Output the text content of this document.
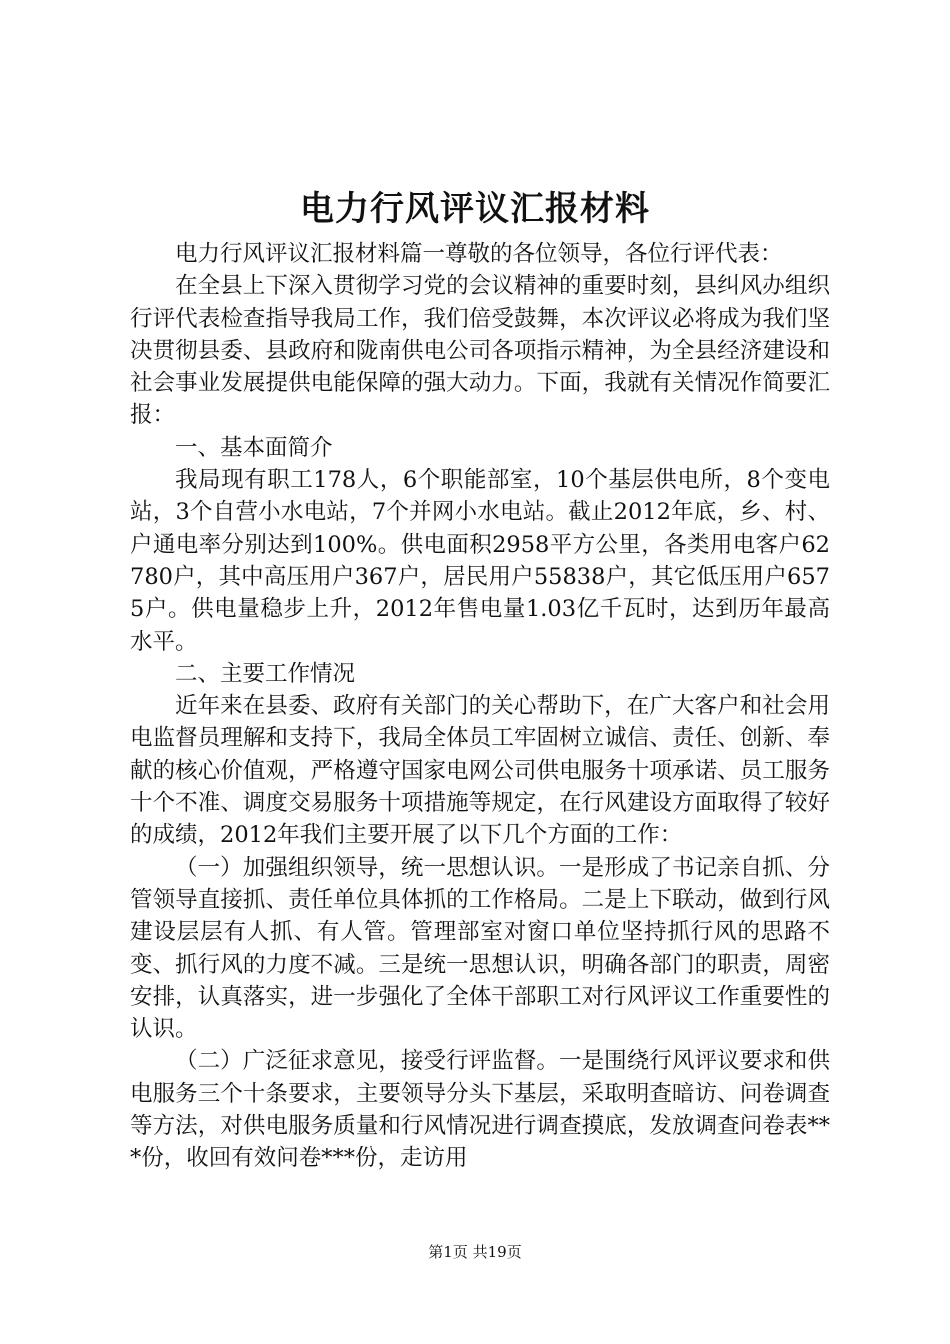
电力行风评议汇报材料

电力行风评议汇报材料篇一尊敬的各位领导，各位行评代表：

在全县上下深入贯彻学习党的会议精神的重要时刻，县纠风办组织行评代表检查指导我局工作，我们倍受鼓舞，本次评议必将成为我们坚决贯彻县委、县政府和陇南供电公司各项指示精神，为全县经济建设和社会事业发展提供电能保障的强大动力。下面，我就有关情况作简要汇报：

一、基本面简介

我局现有职工178人，6个职能部室，10个基层供电所，8个变电站，3个自营小水电站，7个并网小水电站。截止2012年底，乡、村、户通电率分别达到100%。供电面积2958平方公里，各类用电客户62780户，其中高压用户367户，居民用户55838户，其它低压用户6575户。供电量稳步上升，2012年售电量1.03亿千瓦时，达到历年最高水平。

二、主要工作情况

近年来在县委、政府有关部门的关心帮助下，在广大客户和社会用电监督员理解和支持下，我局全体员工牢固树立诚信、责任、创新、奉献的核心价值观，严格遵守国家电网公司供电服务十项承诺、员工服务十个不准、调度交易服务十项措施等规定，在行风建设方面取得了较好的成绩，2012年我们主要开展了以下几个方面的工作：

（一）加强组织领导，统一思想认识。一是形成了书记亲自抓、分管领导直接抓、责任单位具体抓的工作格局。二是上下联动，做到行风建设层层有人抓、有人管。管理部室对窗口单位坚持抓行风的思路不变、抓行风的力度不减。三是统一思想认识，明确各部门的职责，周密安排，认真落实，进一步强化了全体干部职工对行风评议工作重要性的认识。

（二）广泛征求意见，接受行评监督。一是围绕行风评议要求和供电服务三个十条要求，主要领导分头下基层，采取明查暗访、问卷调查等方法，对供电服务质量和行风情况进行调查摸底，发放调查问卷表***份，收回有效问卷***份，走访用

第1页 共19页
